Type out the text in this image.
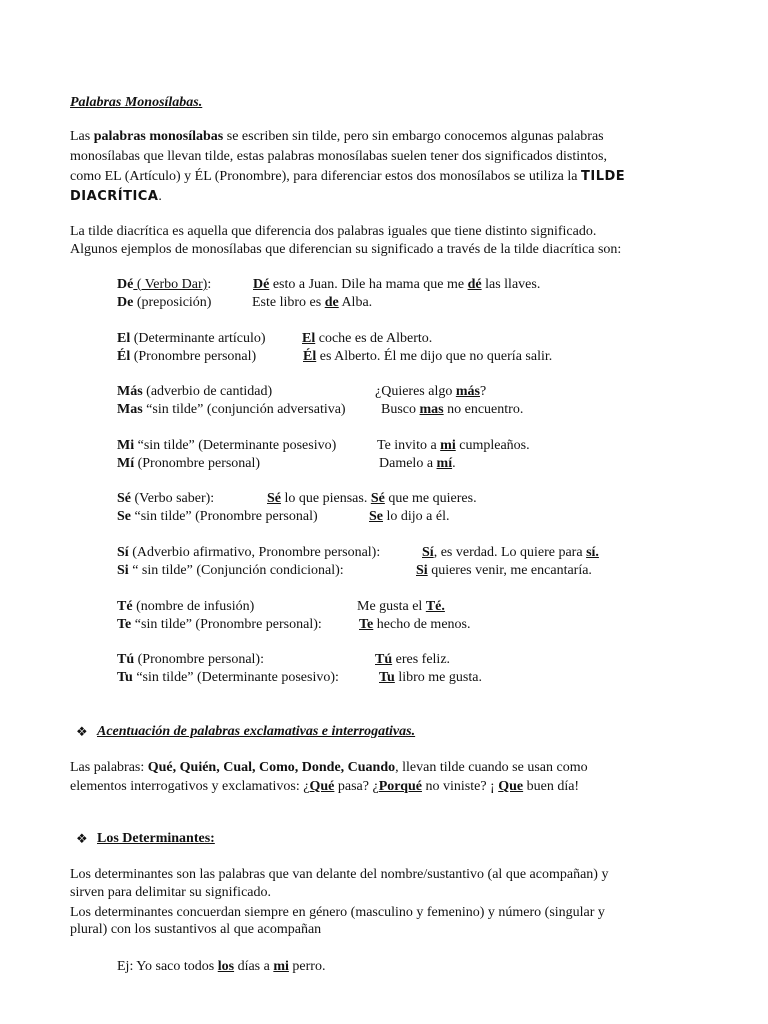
Palabras Monosílabas.
Las palabras monosílabas se escriben sin tilde, pero sin embargo conocemos algunas palabras
monosílabas que llevan tilde, estas palabras monosílabas suelen tener dos significados distintos,
como EL (Artículo) y ÉL (Pronombre), para diferenciar estos dos monosílabos se utiliza la TILDE
DIACRÍTICA.
La tilde diacrítica es aquella que diferencia dos palabras iguales que tiene distinto significado.
Algunos ejemplos de monosílabas que diferencian su significado a través de la tilde diacrítica son:
Dé ( Verbo Dar):	Dé esto a Juan. Dile ha mama que me dé las llaves.
De (preposición)	Este libro es de Alba.
El (Determinante artículo)	El coche es de Alberto.
Él (Pronombre personal)	Él es Alberto. Él me dijo que no quería salir.
Más (adverbio de cantidad)	¿Quieres algo más?
Mas “sin tilde” (conjunción adversativa)	Busco mas no encuentro.
Mi “sin tilde” (Determinante posesivo)	Te invito a mi cumpleaños.
Mí (Pronombre personal)	Damelo a mí.
Sé (Verbo saber):	Sé lo que piensas. Sé que me quieres.
Se “sin tilde” (Pronombre personal)	Se lo dijo a él.
Sí (Adverbio afirmativo, Pronombre personal):	Sí, es verdad. Lo quiere para sí.
Si “ sin tilde” (Conjunción condicional):	Si quieres venir, me encantaría.
Té (nombre de infusión)	Me gusta el Té.
Te “sin tilde” (Pronombre personal):	Te hecho de menos.
Tú (Pronombre personal):	Tú eres feliz.
Tu “sin tilde” (Determinante posesivo):	Tu libro me gusta.
❖ Acentuación de palabras exclamativas e interrogativas.
Las palabras: Qué, Quién, Cual, Como, Donde, Cuando, llevan tilde cuando se usan como
elementos interrogativos y exclamativos: ¿Qué pasa? ¿Porqué no viniste? ¡ Que buen día!
❖ Los Determinantes:
Los determinantes son las palabras que van delante del nombre/sustantivo (al que acompañan) y
sirven para delimitar su significado.
Los determinantes concuerdan siempre en género (masculino y femenino) y número (singular y
plural) con los sustantivos al que acompañan
Ej: Yo saco todos los días a mi perro.
